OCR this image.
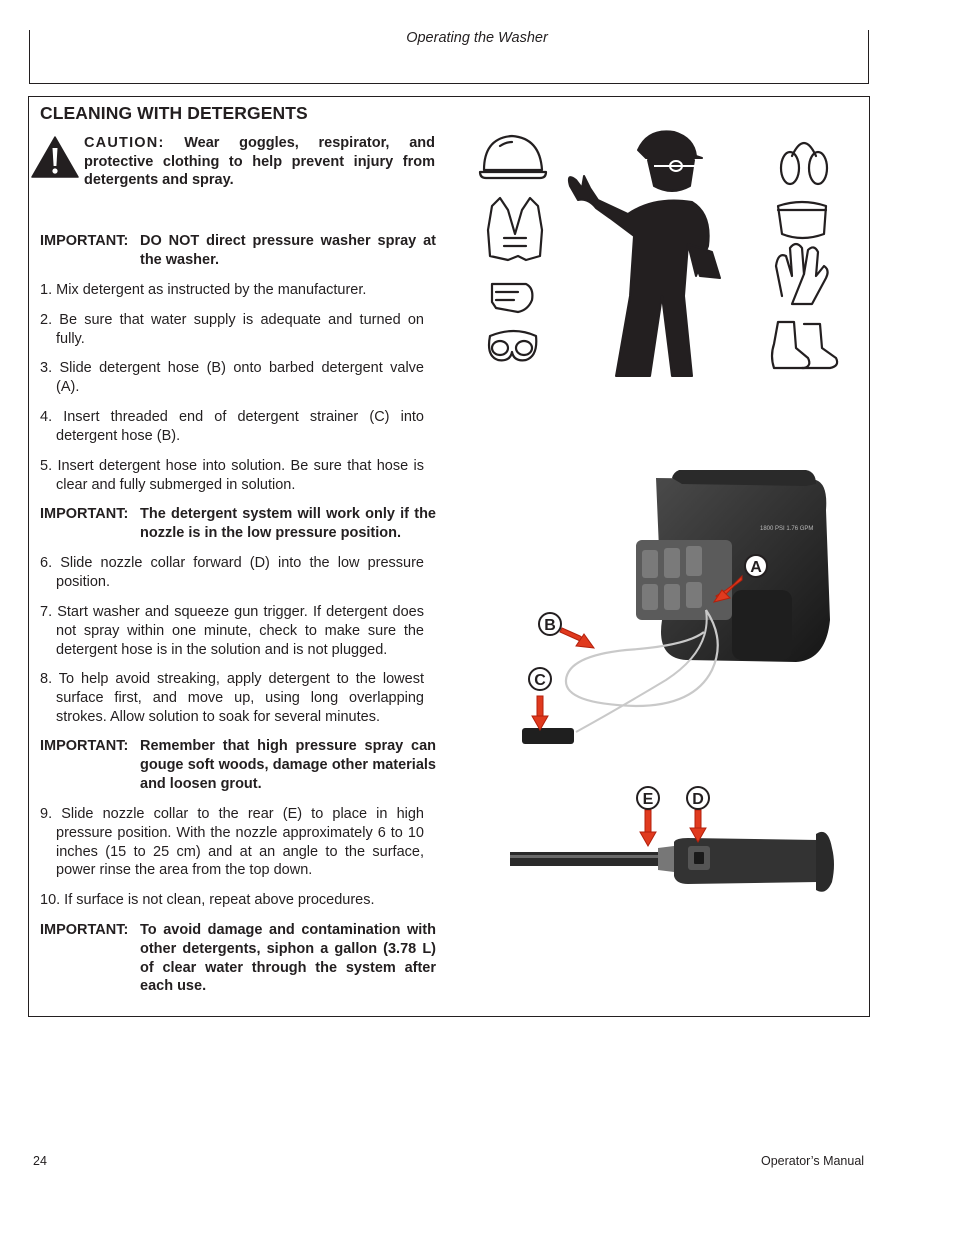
Operating the Washer
CLEANING WITH DETERGENTS
CAUTION: Wear goggles, respirator, and protective clothing to help prevent injury from detergents and spray.
IMPORTANT: DO NOT direct pressure washer spray at the washer.
1. Mix detergent as instructed by the manufacturer.
2. Be sure that water supply is adequate and turned on fully.
3. Slide detergent hose (B) onto barbed detergent valve (A).
4. Insert threaded end of detergent strainer (C) into detergent hose (B).
5. Insert detergent hose into solution. Be sure that hose is clear and fully submerged in solution.
IMPORTANT: The detergent system will work only if the nozzle is in the low pressure position.
6. Slide nozzle collar forward (D) into the low pressure position.
7. Start washer and squeeze gun trigger. If detergent does not spray within one minute, check to make sure the detergent hose is in the solution and is not plugged.
8. To help avoid streaking, apply detergent to the lowest surface first, and move up, using long overlapping strokes. Allow solution to soak for several minutes.
IMPORTANT: Remember that high pressure spray can gouge soft woods, damage other materials and loosen grout.
9. Slide nozzle collar to the rear (E) to place in high pressure position. With the nozzle approximately 6 to 10 inches (15 to 25 cm) and at an angle to the surface, power rinse the area from the top down.
10. If surface is not clean, repeat above procedures.
IMPORTANT: To avoid damage and contamination with other detergents, siphon a gallon (3.78 L) of clear water through the system after each use.
1800 PSI 1.76 GPM
A
B
C
E D
24	Operator’s Manual
